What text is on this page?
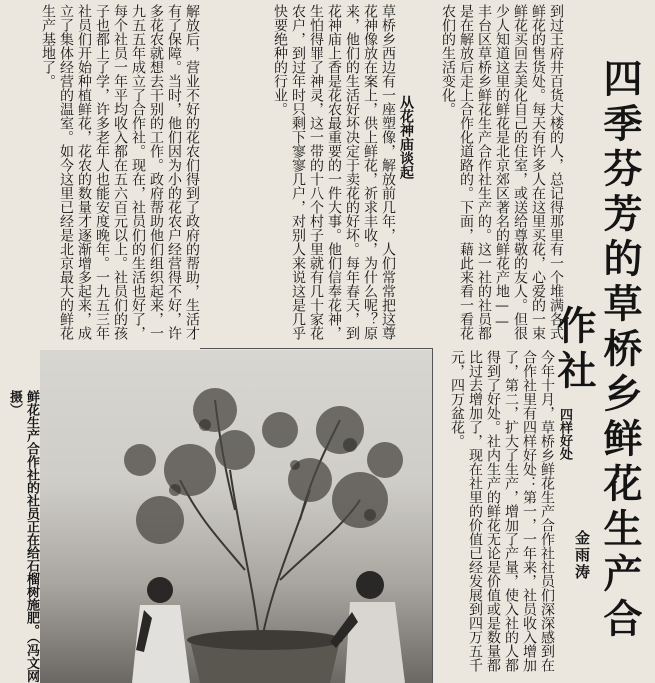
四季芬芳的草桥乡鲜花生产合作社
金雨涛
到过王府井百货大楼的人，总记得那里有一个堆满各式鲜花的售货处。每天有许多人在这里买花，心爱的一束鲜花买回去美化自己的住室，或送给尊敬的友人。但很少人知道这里的鲜花是北京郊区著名的鲜花产地——丰台区草桥乡鲜花生产合作社生产的。这一社的社员都是在解放后走上合作化道路的。下面，藉此来看一看花农们的生活变化。
从花神庙谈起
草桥乡西边有一座塑像，解放前几年，人们常常把这尊花神像放在案上，供上鲜花，祈求丰收，为什么呢？原来，他们的生活好坏决定于卖花的好坏。每年春天，到花神庙上香是花农最重要的一件大事。他们信奉花神，生怕得罪了神灵，这一带的十八个村子里就有几十家花农户，到过年时只剩下寥寥几户，对别人来说这是几乎快要绝种的行业。
解放后，营业不好的花农们得到了政府的帮助，生活才有了保障。当时，他们因为小的花农户经营得不好，许多花农就想去干别的工作。政府帮助他们组织起来，一九五五年成立了合作社。现在，社员们的生活也好了，每个社员一年平均收入都在五六百元以上。社员们的孩子也都上了学，许多老年人也能安度晚年。一九五三年社员们开始种植鲜花，花农的数量才逐渐增多起来，成立了集体经营的温室。如今这里已经是北京最大的鲜花生产基地了。
四样好处
今年十月，草桥乡鲜花生产合作社社员们深深感到在合作社里有四样好处：第一，一年来，社员收入增加了，第二，扩大了生产，增加了产量，使入社的人都得到了好处。社内生产的鲜花无论是价值或是数量都比过去增加了，现在社里的价值已经发展到四万五千元，四万盆花。
鲜花生产合作社的社员正在给石榴树施肥。（冯文网摄）
